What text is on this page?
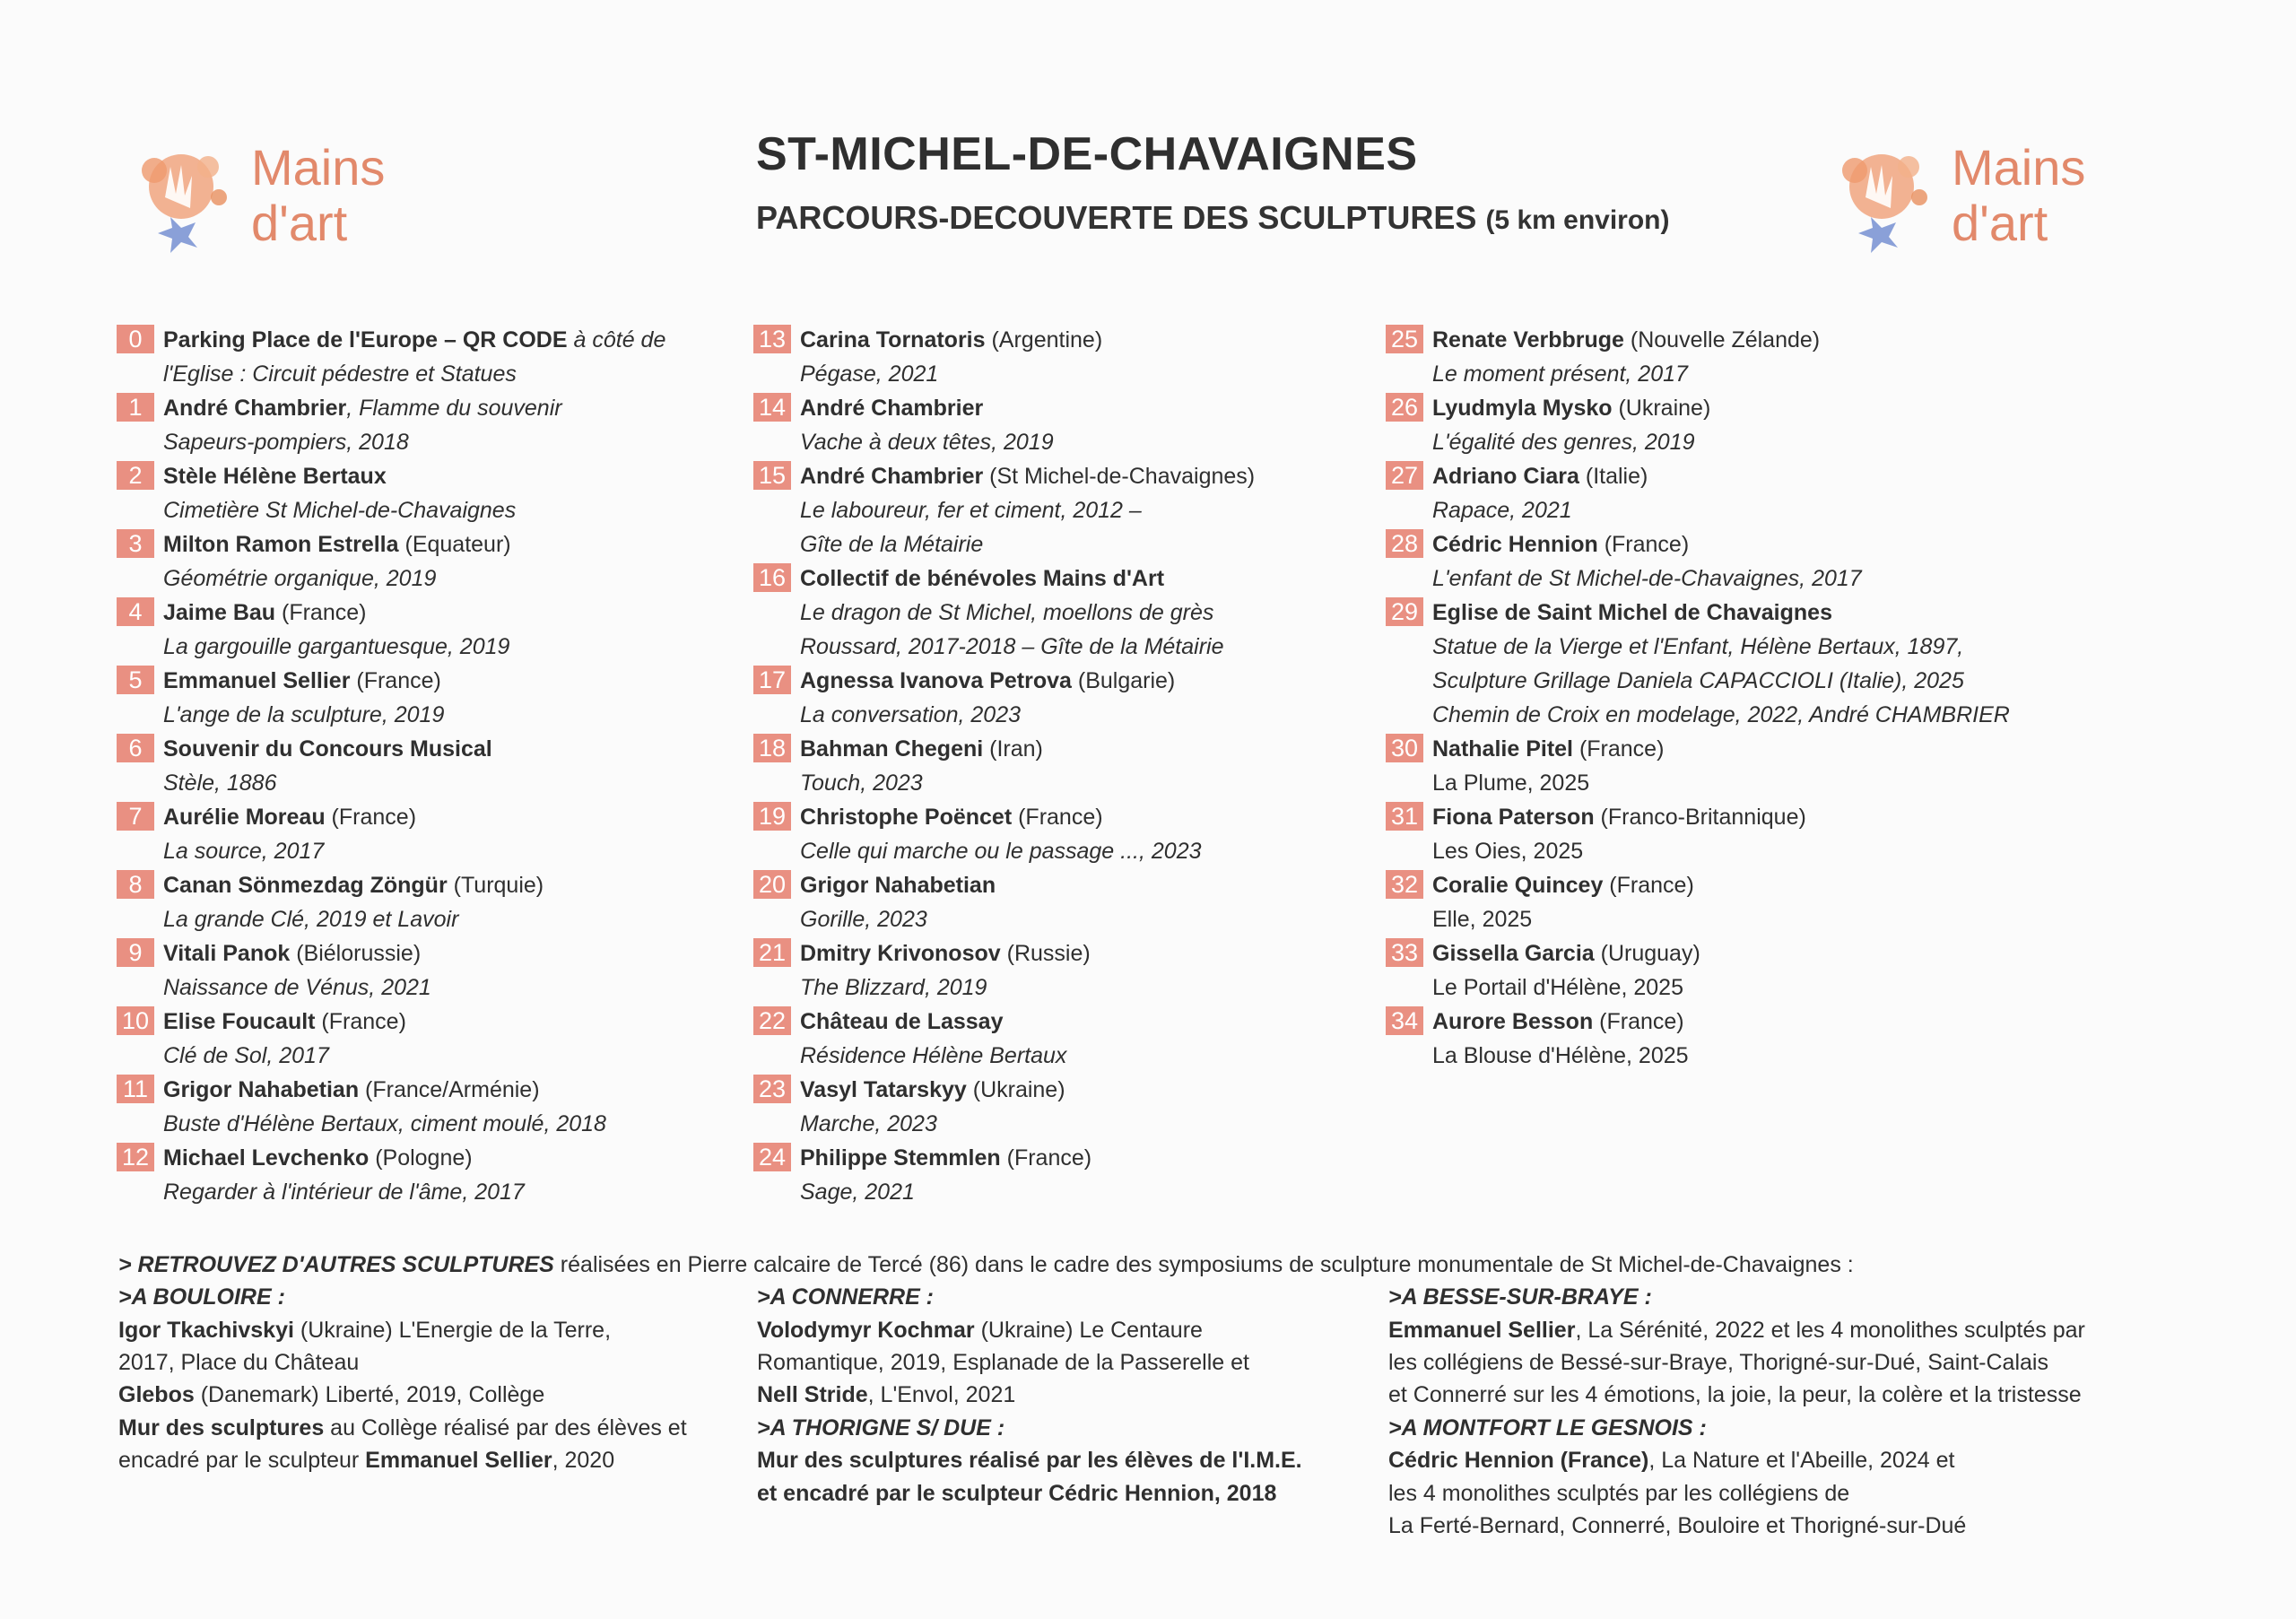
Mains
d'art
Mains
d'art
ST-MICHEL-DE-CHAVAIGNES
PARCOURS-DECOUVERTE DES SCULPTURES (5 km environ)
0 Parking Place de l'Europe – QR CODE à côté de
l'Eglise : Circuit pédestre et Statues
1 André Chambrier, Flamme du souvenir
Sapeurs-pompiers, 2018
2 Stèle Hélène Bertaux
Cimetière St Michel-de-Chavaignes
3 Milton Ramon Estrella (Equateur)
Géométrie organique, 2019
4 Jaime Bau (France)
La gargouille gargantuesque, 2019
5 Emmanuel Sellier (France)
L'ange de la sculpture, 2019
6 Souvenir du Concours Musical
Stèle, 1886
7 Aurélie Moreau (France)
La source, 2017
8 Canan Sönmezdag Zöngür (Turquie)
La grande Clé, 2019 et Lavoir
9 Vitali Panok (Biélorussie)
Naissance de Vénus, 2021
10 Elise Foucault (France)
Clé de Sol, 2017
11 Grigor Nahabetian (France/Arménie)
Buste d'Hélène Bertaux, ciment moulé, 2018
12 Michael Levchenko (Pologne)
Regarder à l'intérieur de l'âme, 2017
13 Carina Tornatoris (Argentine)
Pégase, 2021
14 André Chambrier
Vache à deux têtes, 2019
15 André Chambrier (St Michel-de-Chavaignes)
Le laboureur, fer et ciment, 2012 –
Gîte de la Métairie
16 Collectif de bénévoles Mains d'Art
Le dragon de St Michel, moellons de grès
Roussard, 2017-2018 – Gîte de la Métairie
17 Agnessa Ivanova Petrova (Bulgarie)
La conversation, 2023
18 Bahman Chegeni (Iran)
Touch, 2023
19 Christophe Poëncet (France)
Celle qui marche ou le passage ..., 2023
20 Grigor Nahabetian
Gorille, 2023
21 Dmitry Krivonosov (Russie)
The Blizzard, 2019
22 Château de Lassay
Résidence Hélène Bertaux
23 Vasyl Tatarskyy (Ukraine)
Marche, 2023
24 Philippe Stemmlen (France)
Sage, 2021
25 Renate Verbbruge (Nouvelle Zélande)
Le moment présent, 2017
26 Lyudmyla Mysko (Ukraine)
L'égalité des genres, 2019
27 Adriano Ciara (Italie)
Rapace, 2021
28 Cédric Hennion (France)
L'enfant de St Michel-de-Chavaignes, 2017
29 Eglise de Saint Michel de Chavaignes
Statue de la Vierge et l'Enfant, Hélène Bertaux, 1897,
Sculpture Grillage Daniela CAPACCIOLI (Italie), 2025
Chemin de Croix en modelage, 2022, André CHAMBRIER
30 Nathalie Pitel (France)
La Plume, 2025
31 Fiona Paterson (Franco-Britannique)
Les Oies, 2025
32 Coralie Quincey (France)
Elle, 2025
33 Gissella Garcia (Uruguay)
Le Portail d'Hélène, 2025
34 Aurore Besson (France)
La Blouse d'Hélène, 2025
> RETROUVEZ D'AUTRES SCULPTURES réalisées en Pierre calcaire de Tercé (86) dans le cadre des symposiums de sculpture monumentale de St Michel-de-Chavaignes :
>A BOULOIRE :
Igor Tkachivskyi (Ukraine) L'Energie de la Terre,
2017, Place du Château
Glebos (Danemark) Liberté, 2019, Collège
Mur des sculptures au Collège réalisé par des élèves et
encadré par le sculpteur Emmanuel Sellier, 2020
>A CONNERRE :
Volodymyr Kochmar (Ukraine) Le Centaure
Romantique, 2019, Esplanade de la Passerelle et
Nell Stride, L'Envol, 2021
>A THORIGNE S/ DUE :
Mur des sculptures réalisé par les élèves de l'I.M.E.
et encadré par le sculpteur Cédric Hennion, 2018
>A BESSE-SUR-BRAYE :
Emmanuel Sellier, La Sérénité, 2022 et les 4 monolithes sculptés par
les collégiens de Bessé-sur-Braye, Thorigné-sur-Dué, Saint-Calais
et Connerré sur les 4 émotions, la joie, la peur, la colère et la tristesse
>A MONTFORT LE GESNOIS :
Cédric Hennion (France), La Nature et l'Abeille, 2024 et
les 4 monolithes sculptés par les collégiens de
La Ferté-Bernard, Connerré, Bouloire et Thorigné-sur-Dué
